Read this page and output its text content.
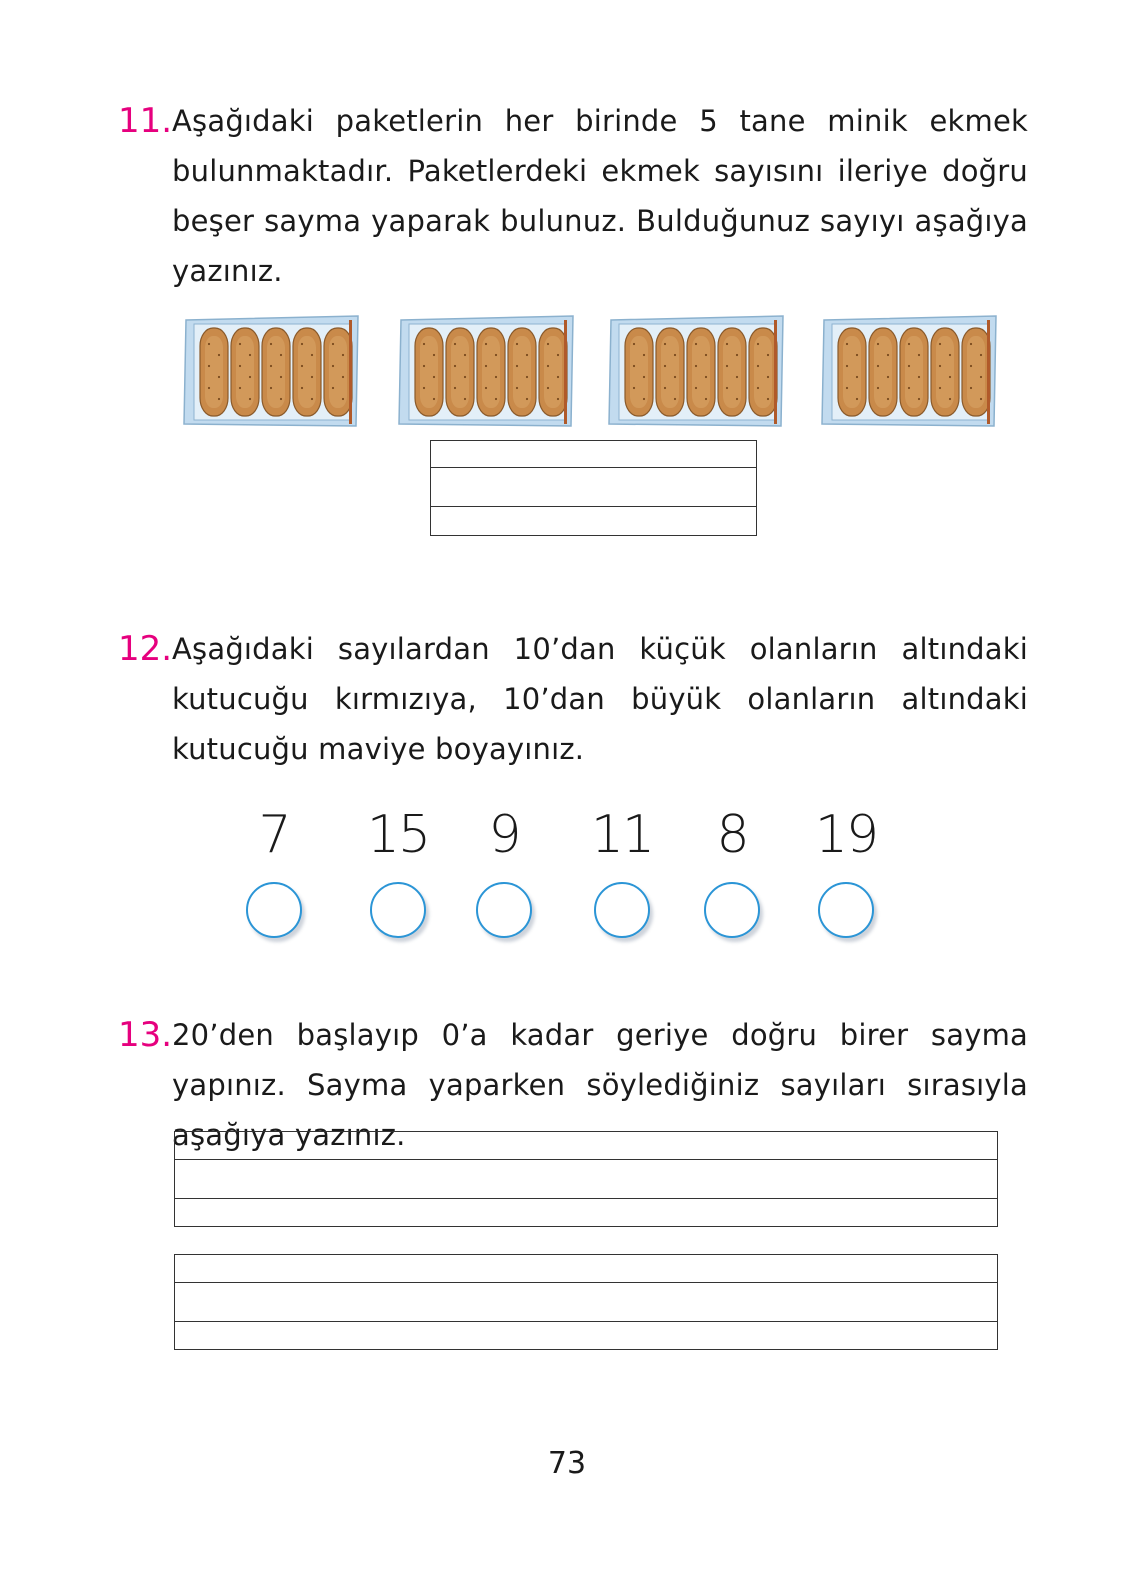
11. Aşağıdaki paketlerin her birinde 5 tane minik ekmek bulunmaktadır. Paketlerdeki ekmek sayısını ileriye doğru beşer sayma yaparak bulunuz. Bulduğunuz sayıyı aşağıya yazınız.
12. Aşağıdaki sayılardan 10’dan küçük olanların altındaki kutucuğu kırmızıya, 10’dan büyük olanların altındaki kutucuğu maviye boyayınız.
7	15	9	11	8	19
13. 20’den başlayıp 0’a kadar geriye doğru birer sayma yapınız. Sayma yaparken söylediğiniz sayıları sırasıyla aşağıya yazınız.
73
